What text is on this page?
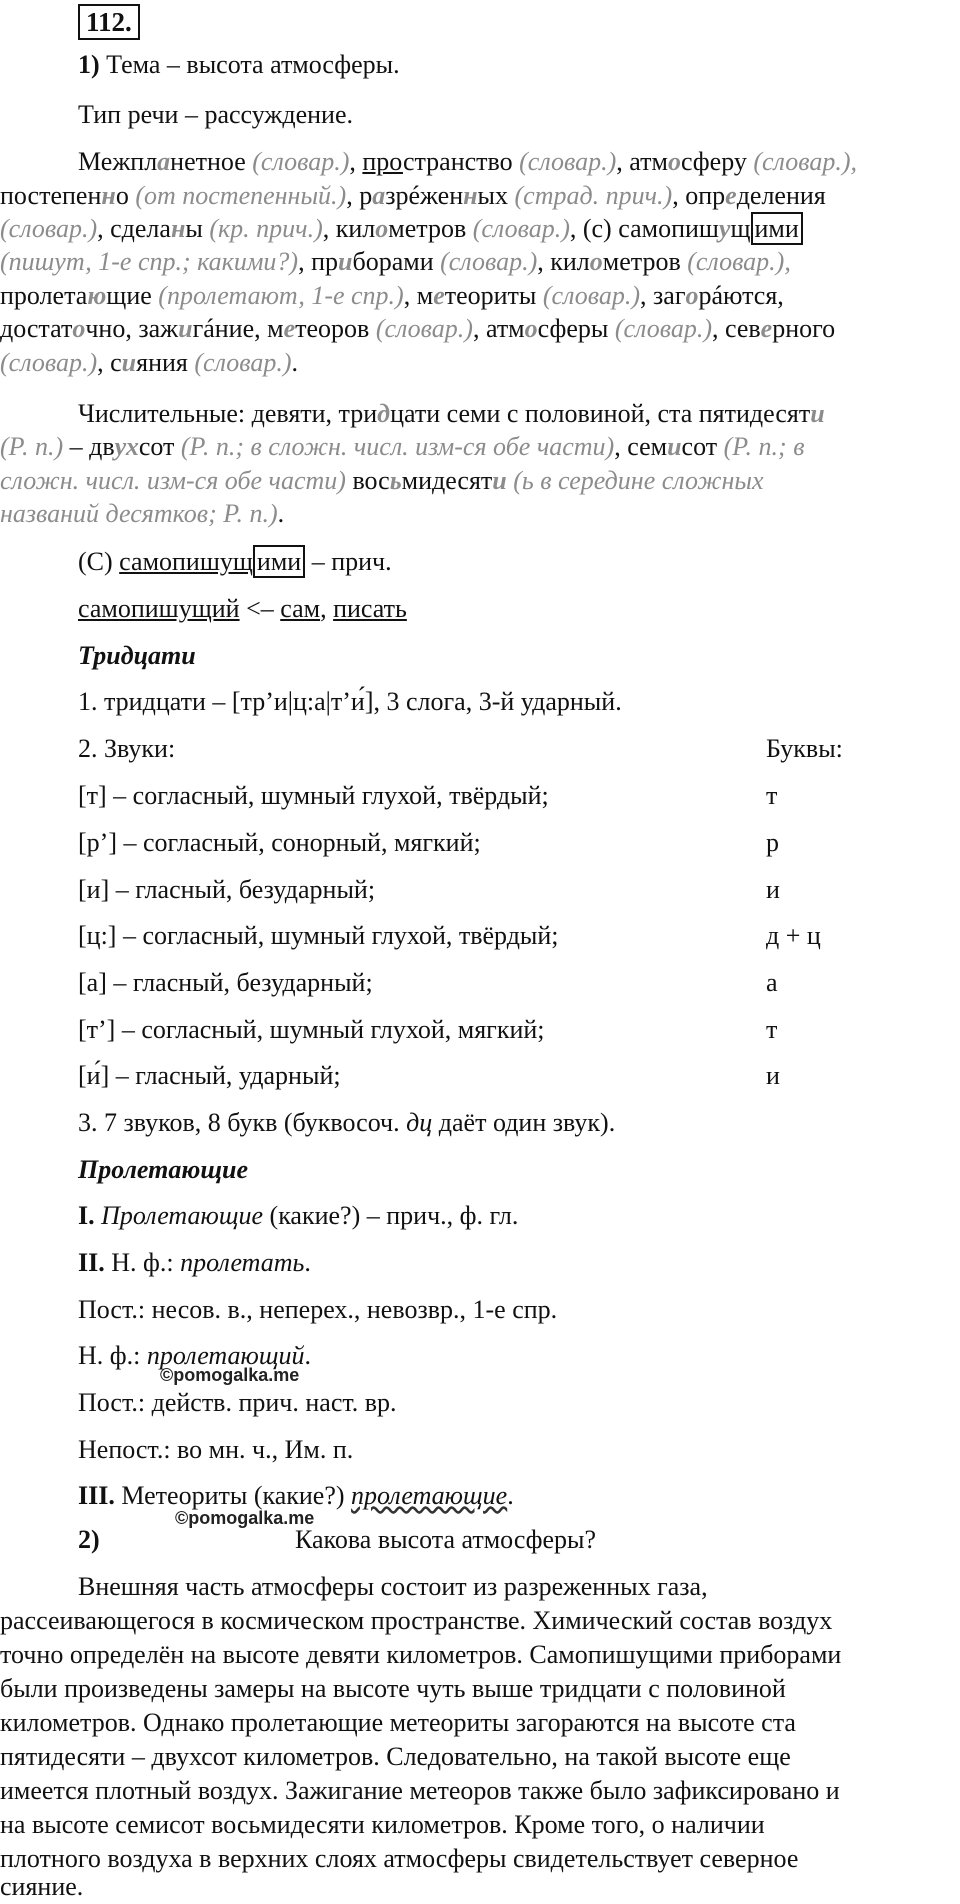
112.
1) Тема – высота атмосферы.
Тип речи – рассуждение.
Межпланетное (словар.), пространство (словар.), атмосферу (словар.),
постепенно (от постепенный.), разрéженных (страд. прич.), определения
(словар.), сделаны (кр. прич.), километров (словар.), (с) самопишущ ими
(пишут, 1-е спр.; какими?), приборами (словар.), километров (словар.),
пролетающие (пролетают, 1-е спр.), метеориты (словар.), загорáются,
достаточно, зажигáние, метеоров (словар.), атмосферы (словар.), северного
(словар.), сияния (словар.).
Числительные: девяти, тридцати семи с половиной, ста пятидесяти
(Р. п.) – двухсот (Р. п.; в сложн. числ. изм-ся обе части), семисот (Р. п.; в
сложн. числ. изм-ся обе части) восьмидесяти (ь в середине сложных
названий десятков; Р. п.).
(С) самопишущ ими – прич.
самопишущий <– сам, писать
Тридцати
1. тридцати – [тр’и|ц:а|т’и́], 3 слога, 3-й ударный.
2. Звуки:	Буквы:
[т] – согласный, шумный глухой, твёрдый;	т
[р’] – согласный, сонорный, мягкий;	р
[и] – гласный, безударный;	и
[ц:] – согласный, шумный глухой, твёрдый;	д + ц
[а] – гласный, безударный;	а
[т’] – согласный, шумный глухой, мягкий;	т
[и́] – гласный, ударный;	и
3. 7 звуков, 8 букв (буквосоч. дц даёт один звук).
Пролетающие
I. Пролетающие (какие?) – прич., ф. гл.
II. Н. ф.: пролетать.
Пост.: несов. в., неперех., невозвр., 1-е спр.
Н. ф.: пролетающий.
©pomogalka.me
Пост.: действ. прич. наст. вр.
Непост.: во мн. ч., Им. п.
III. Метеориты (какие?) пролетающие.
©pomogalka.me
2)	Какова высота атмосферы?
Внешняя часть атмосферы состоит из разреженных газа,
рассеивающегося в космическом пространстве. Химический состав воздух
точно определён на высоте девяти километров. Самопишущими приборами
были произведены замеры на высоте чуть выше тридцати с половиной
километров. Однако пролетающие метеориты загораются на высоте ста
пятидесяти – двухсот километров. Следовательно, на такой высоте еще
имеется плотный воздух. Зажигание метеоров также было зафиксировано и
на высоте семисот восьмидесяти километров. Кроме того, о наличии
плотного воздуха в верхних слоях атмосферы свидетельствует северное
сияние.
